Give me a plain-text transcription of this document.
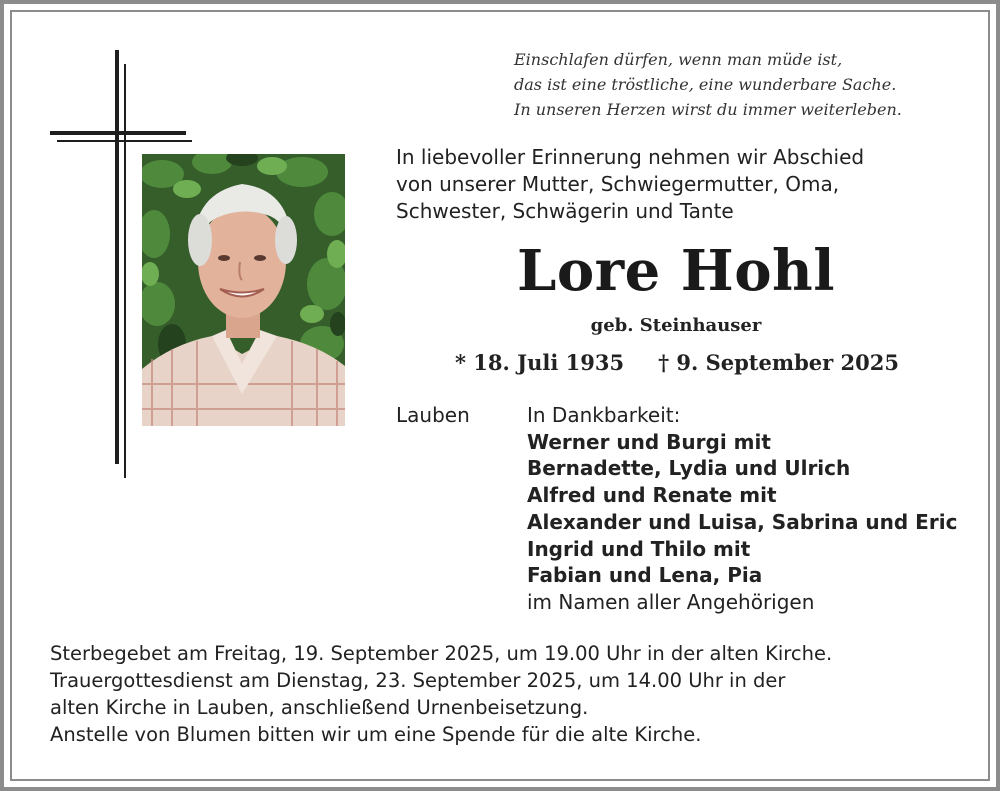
Einschlafen dürfen, wenn man müde ist,
das ist eine tröstliche, eine wunderbare Sache.
In unseren Herzen wirst du immer weiterleben.
In liebevoller Erinnerung nehmen wir Abschied
von unserer Mutter, Schwiegermutter, Oma,
Schwester, Schwägerin und Tante
Lore Hohl
geb. Steinhauser
* 18. Juli 1935 † 9. September 2025
Lauben	In Dankbarkeit:
Werner und Burgi mit
Bernadette, Lydia und Ulrich
Alfred und Renate mit
Alexander und Luisa, Sabrina und Eric
Ingrid und Thilo mit
Fabian und Lena, Pia
im Namen aller Angehörigen
Sterbegebet am Freitag, 19. September 2025, um 19.00 Uhr in der alten Kirche.
Trauergottesdienst am Dienstag, 23. September 2025, um 14.00 Uhr in der
alten Kirche in Lauben, anschließend Urnenbeisetzung.
Anstelle von Blumen bitten wir um eine Spende für die alte Kirche.
